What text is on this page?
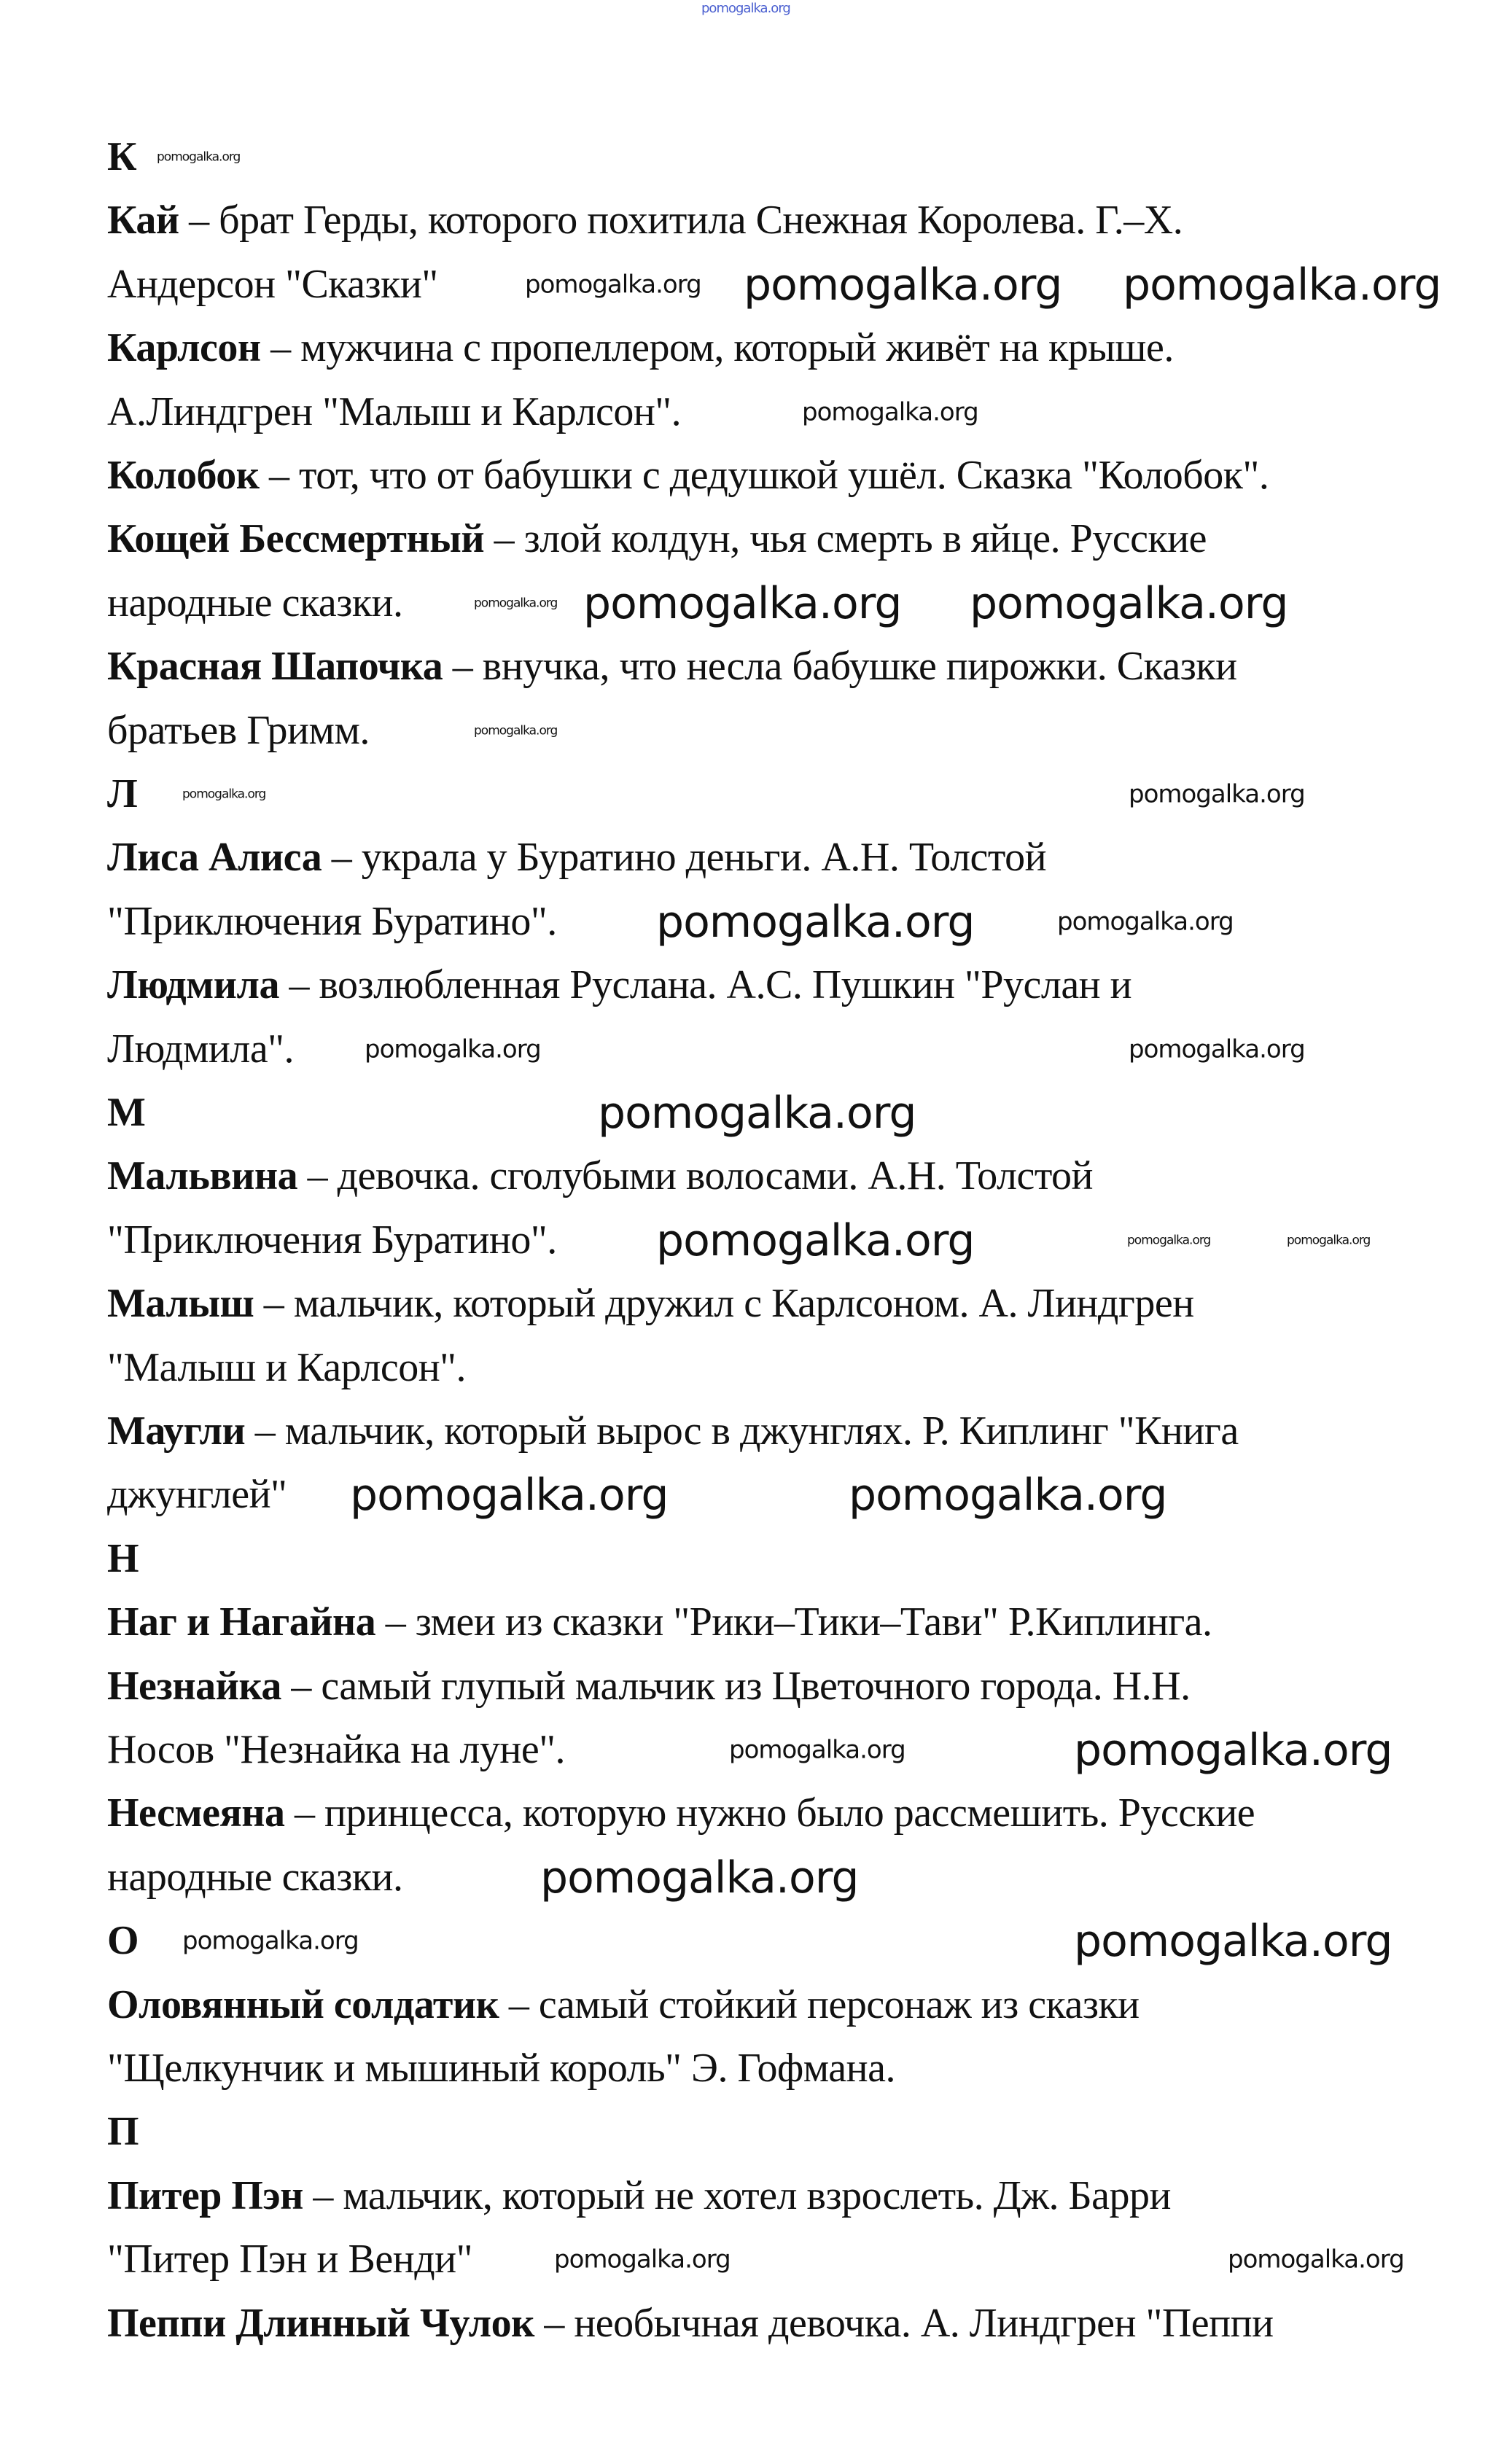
К
Кай – брат Герды, которого похитила Снежная Королева. Г.–Х.
Андерсон "Сказки"
Карлсон – мужчина с пропеллером, который живёт на крыше.
А.Линдгрен "Малыш и Карлсон".
Колобок – тот, что от бабушки с дедушкой ушёл. Сказка "Колобок".
Кощей Бессмертный – злой колдун, чья смерть в яйце. Русские
народные сказки.
Красная Шапочка – внучка, что несла бабушке пирожки. Сказки
братьев Гримм.
Л
Лиса Алиса – украла у Буратино деньги. А.Н. Толстой
"Приключения Буратино".
Людмила – возлюбленная Руслана. А.С. Пушкин "Руслан и
Людмила".
М
Мальвина – девочка. сголубыми волосами. А.Н. Толстой
"Приключения Буратино".
Малыш – мальчик, который дружил с Карлсоном. А. Линдгрен
"Малыш и Карлсон".
Маугли – мальчик, который вырос в джунглях. Р. Киплинг "Книга
джунглей"
Н
Наг и Нагайна – змеи из сказки "Рики–Тики–Тави" Р.Киплинга.
Незнайка – самый глупый мальчик из Цветочного города. Н.Н.
Носов "Незнайка на луне".
Несмеяна – принцесса, которую нужно было рассмешить. Русские
народные сказки.
О
Оловянный солдатик – самый стойкий персонаж из сказки
"Щелкунчик и мышиный король" Э. Гофмана.
П
Питер Пэн – мальчик, который не хотел взрослеть. Дж. Барри
"Питер Пэн и Венди"
Пеппи Длинный Чулок – необычная девочка. А. Линдгрен "Пеппи
pomogalka.org
pomogalka.org
pomogalka.org pomogalka.org pomogalka.org
pomogalka.org
pomogalka.org pomogalka.org pomogalka.org
pomogalka.org
pomogalka.org	pomogalka.org
pomogalka.org	pomogalka.org
pomogalka.org	pomogalka.org
pomogalka.org
pomogalka.org	pomogalka.org	pomogalka.org
pomogalka.org	pomogalka.org
pomogalka.org	pomogalka.org
pomogalka.org
pomogalka.org	pomogalka.org
pomogalka.org	pomogalka.org
